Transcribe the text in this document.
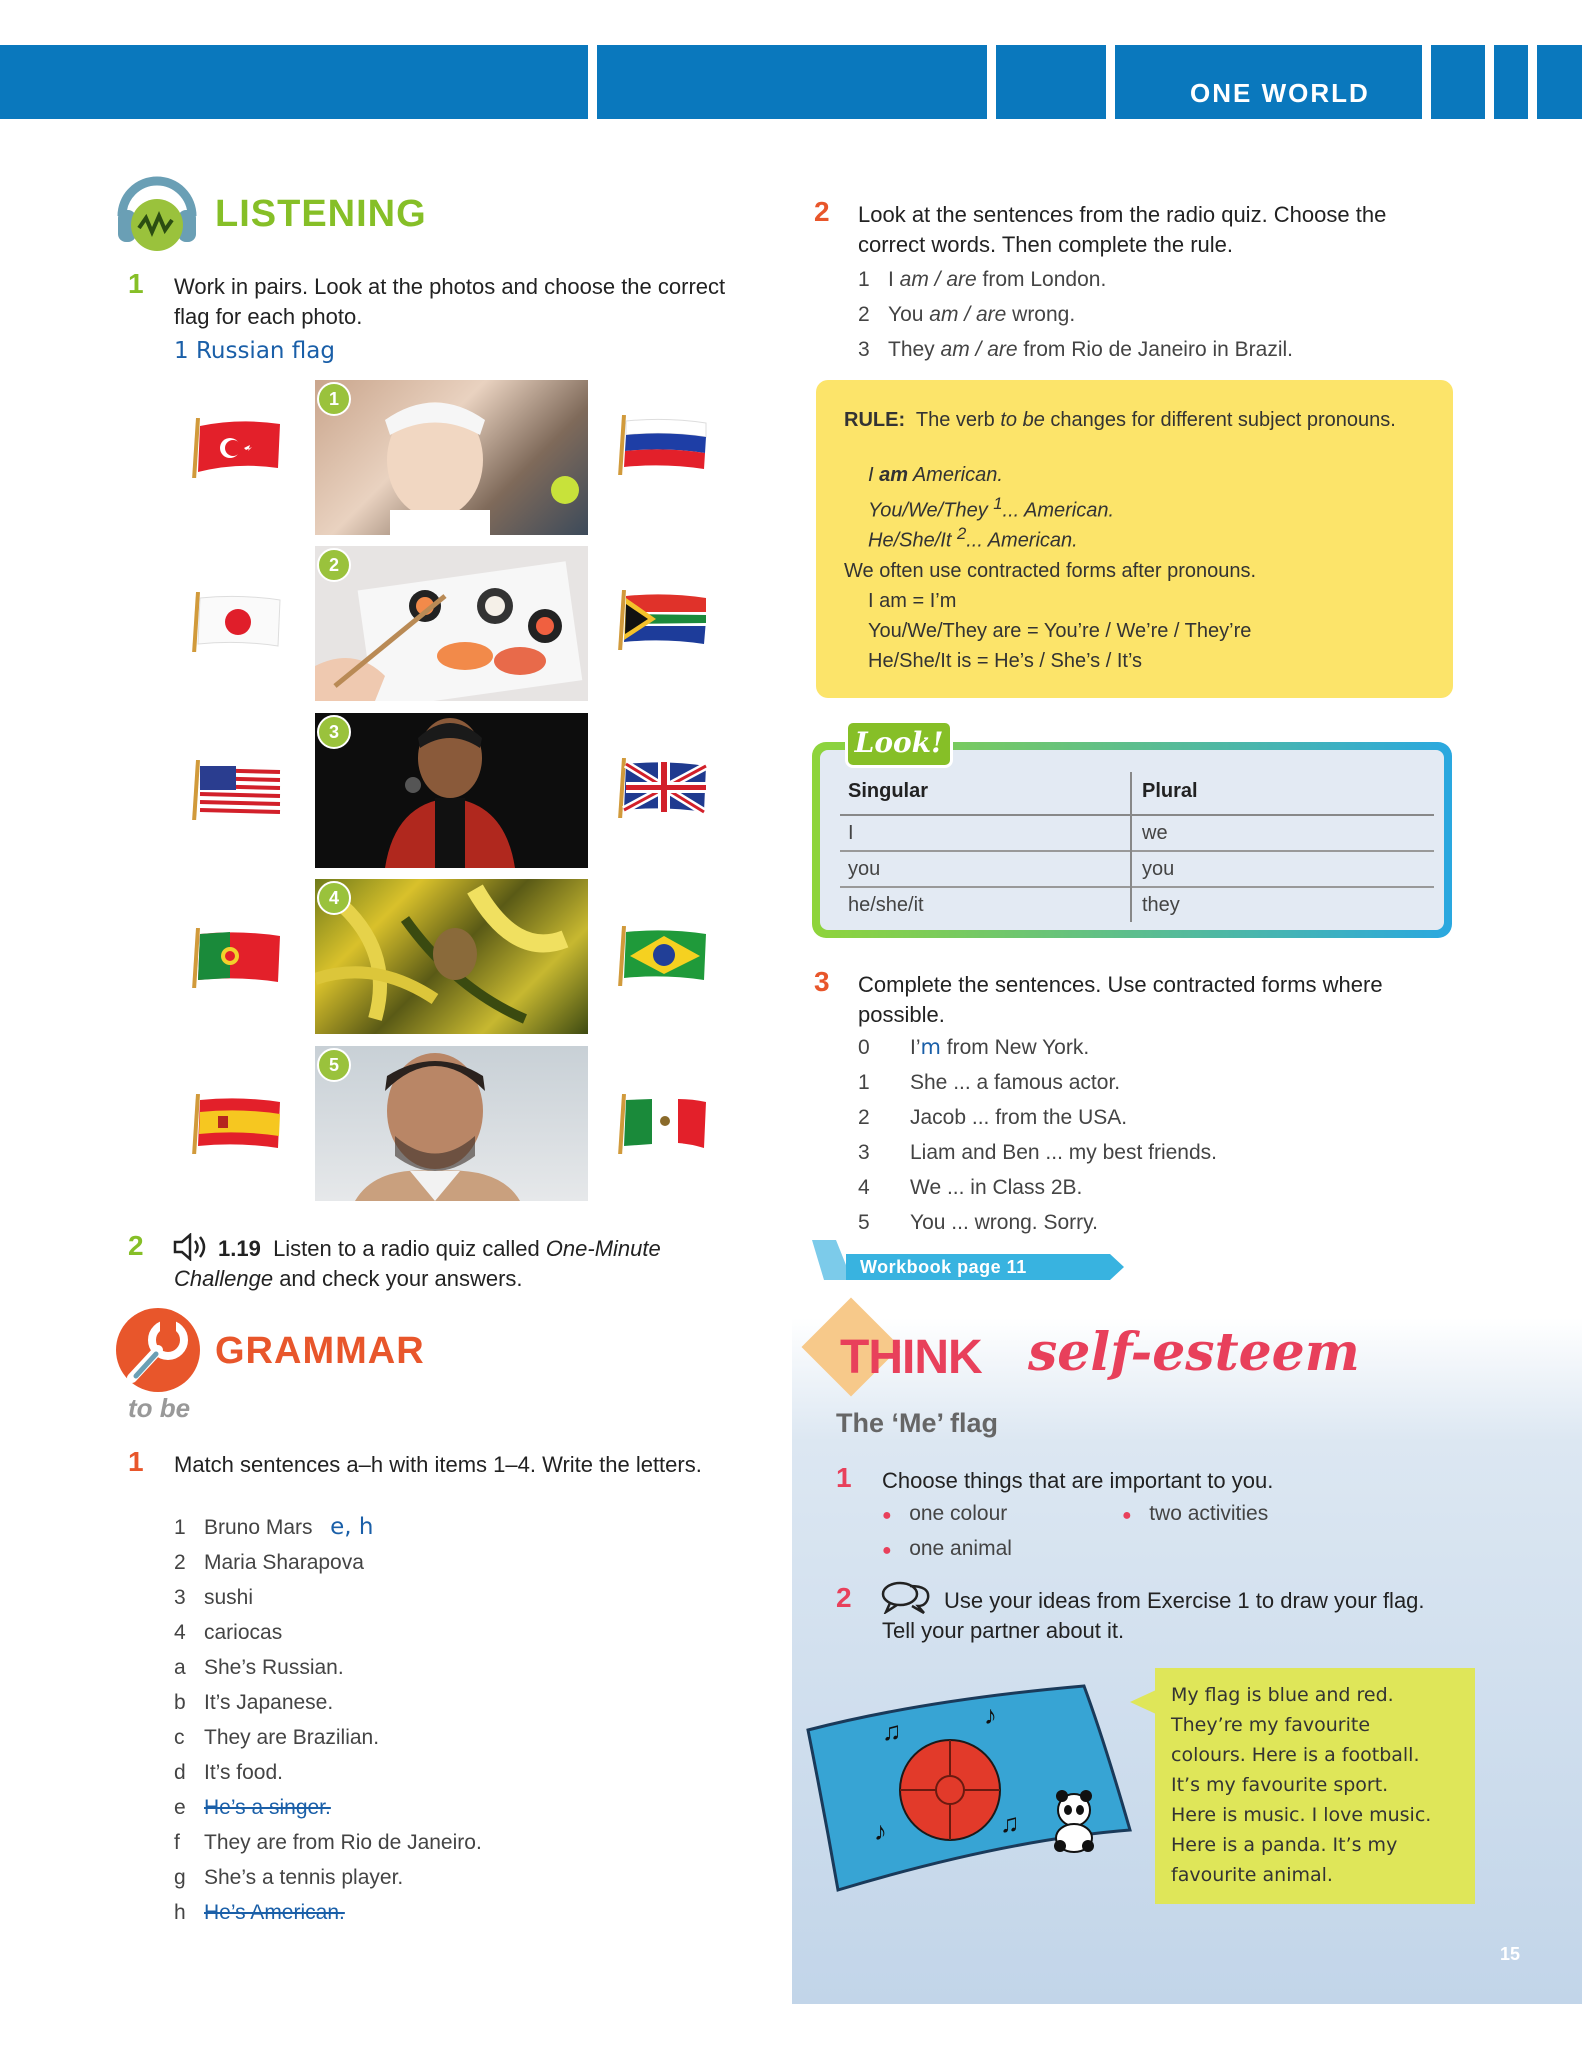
ONE WORLD
LISTENING
1 Work in pairs. Look at the photos and choose the correct flag for each photo.
1 Russian flag
1
2
3
4
5
2	1.19 Listen to a radio quiz called One-Minute Challenge and check your answers.
GRAMMAR
to be
1 Match sentences a–h with items 1–4. Write the letters.
1 Bruno Mars e, h
2 Maria Sharapova
3 sushi
4 cariocas
a She’s Russian.
b It’s Japanese.
c They are Brazilian.
d It’s food.
e He’s a singer.
f They are from Rio de Janeiro.
g She’s a tennis player.
h He’s American.
2 Look at the sentences from the radio quiz. Choose the correct words. Then complete the rule.
1 I am / are from London.
2 You am / are wrong.
3 They am / are from Rio de Janeiro in Brazil.
RULE: The verb to be changes for different subject pronouns.
I am American.
You/We/They $^1$... American.
He/She/It $^2$... American.
We often use contracted forms after pronouns.
I am = I’m
You/We/They are = You’re / We’re / They’re
He/She/It is = He’s / She’s / It’s
Singular	Plural
I	we
you	you
he/she/it	they
Look!
3 Complete the sentences. Use contracted forms where possible.
0 I’m from New York.
1 She ... a famous actor.
2 Jacob ... from the USA.
3 Liam and Ben ... my best friends.
4 We ... in Class 2B.
5 You ... wrong. Sorry.
Workbook page 11
THINK self-esteem
The ‘Me’ flag
1 Choose things that are important to you.
● one colour	● two activities
● one animal
2	Use your ideas from Exercise 1 to draw your flag. Tell your partner about it.
♫
♪
♪	♫
My flag is blue and red.
They’re my favourite
colours. Here is a football.
It’s my favourite sport.
Here is music. I love music.
Here is a panda. It’s my
favourite animal.
15
